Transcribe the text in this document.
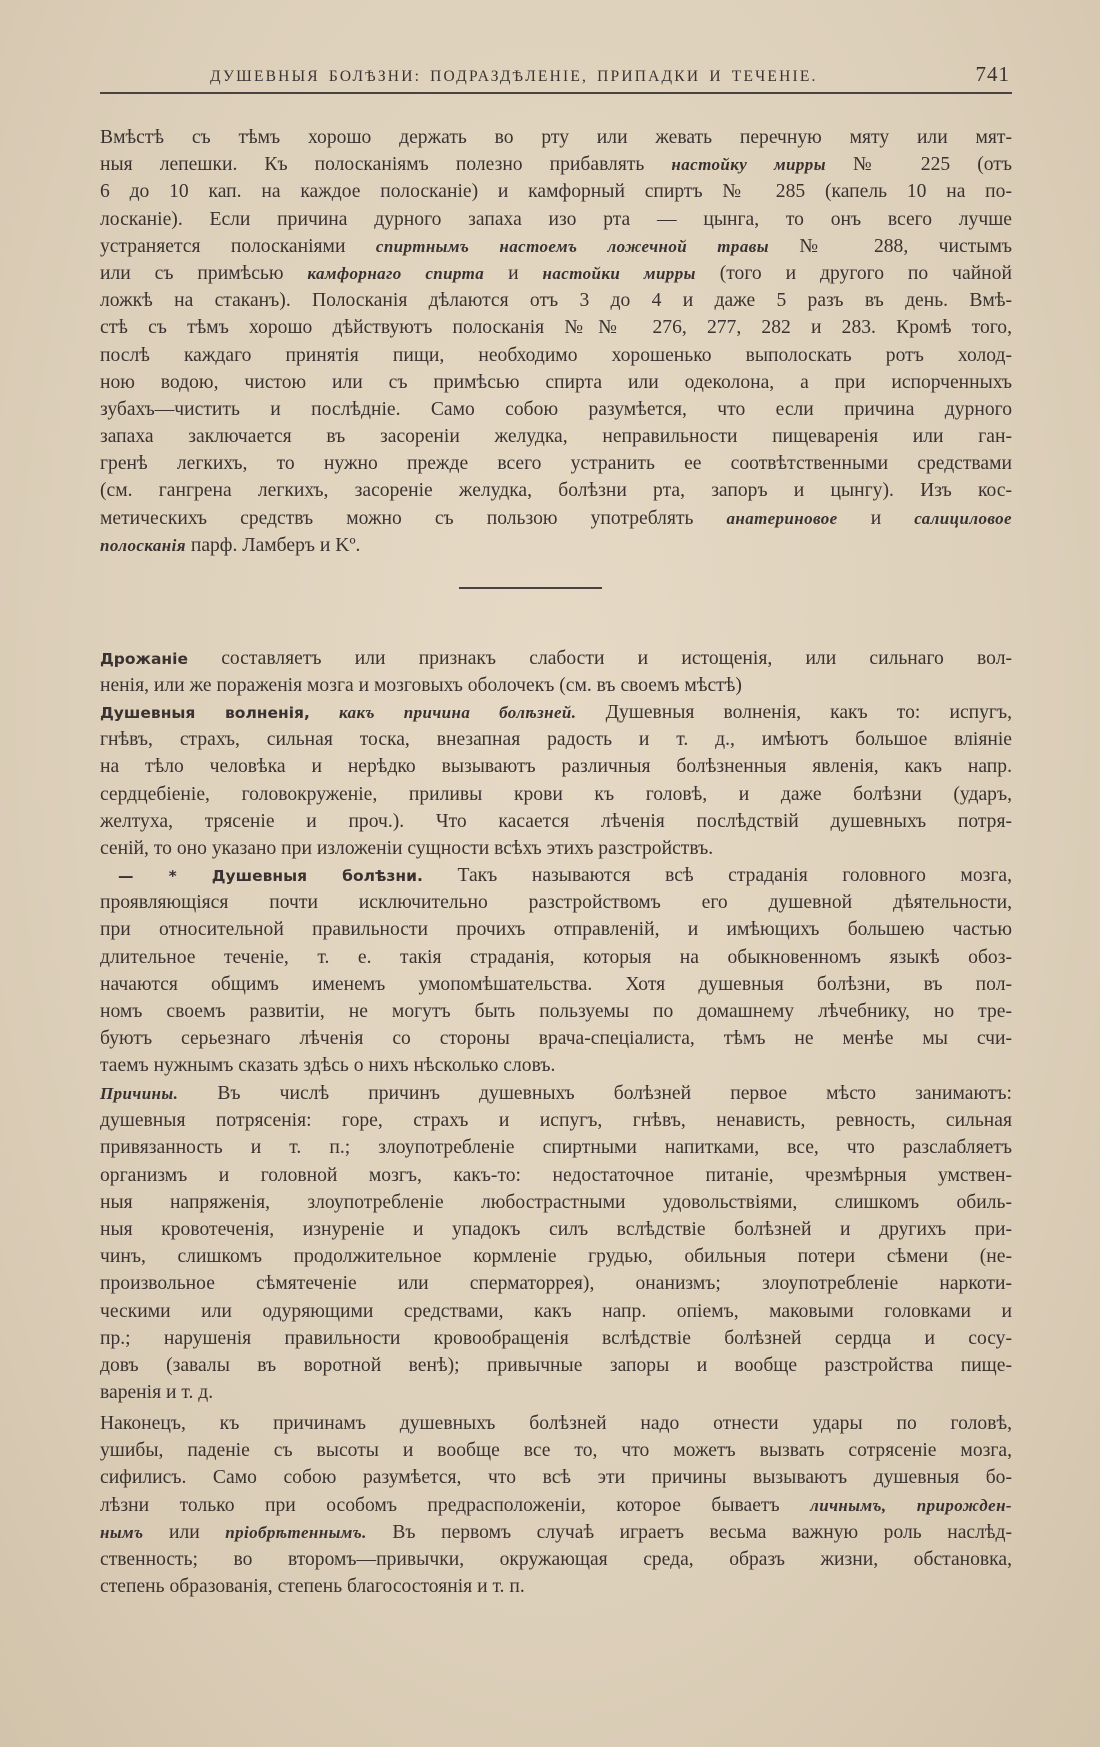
ДУШЕВНЫЯ БОЛѢЗНИ: ПОДРАЗДѢЛЕНІЕ, ПРИПАДКИ И ТЕЧЕНІЕ.	741
Вмѣстѣ съ тѣмъ хорошо держать во рту или жевать перечную мяту или мят-
ныя лепешки. Къ полосканіямъ полезно прибавлять настойку мирры № 225 (отъ
6 до 10 кап. на каждое полосканіе) и камфорный спиртъ № 285 (капель 10 на по-
лосканіе). Если причина дурного запаха изо рта — цынга, то онъ всего лучше
устраняется полосканіями спиртнымъ настоемъ ложечной травы № 288, чистымъ
или съ примѣсью камфорнаго спирта и настойки мирры (того и другого по чайной
ложкѣ на стаканъ). Полосканія дѣлаются отъ 3 до 4 и даже 5 разъ въ день. Вмѣ-
стѣ съ тѣмъ хорошо дѣйствуютъ полосканія №№ 276, 277, 282 и 283. Кромѣ того,
послѣ каждаго принятія пищи, необходимо хорошенько выполоскать ротъ холод-
ною водою, чистою или съ примѣсью спирта или одеколона, а при испорченныхъ
зубахъ—чистить и послѣдніе. Само собою разумѣется, что если причина дурного
запаха заключается въ засореніи желудка, неправильности пищеваренія или ган-
гренѣ легкихъ, то нужно прежде всего устранить ее соотвѣтственными средствами
(см. гангрена легкихъ, засореніе желудка, болѣзни рта, запоръ и цынгу). Изъ кос-
метическихъ средствъ можно съ пользою употреблять анатериновое и салициловое
полосканія парф. Ламберъ и Kº.
Дрожаніе составляетъ или признакъ слабости и истощенія, или сильнаго вол-
ненія, или же пораженія мозга и мозговыхъ оболочекъ (см. въ своемъ мѣстѣ)
Душевныя волненія, какъ причина болѣзней. Душевныя волненія, какъ то: испугъ,
гнѣвъ, страхъ, сильная тоска, внезапная радость и т. д., имѣютъ большое вліяніе
на тѣло человѣка и нерѣдко вызываютъ различныя болѣзненныя явленія, какъ напр.
сердцебіеніе, головокруженіе, приливы крови къ головѣ, и даже болѣзни (ударъ,
желтуха, трясеніе и проч.). Что касается лѣченія послѣдствій душевныхъ потря-
сеній, то оно указано при изложеніи сущности всѣхъ этихъ разстройствъ.
— * Душевныя болѣзни. Такъ называются всѣ страданія головного мозга,
проявляющіяся почти исключительно разстройствомъ его душевной дѣятельности,
при относительной правильности прочихъ отправленій, и имѣющихъ большею частью
длительное теченіе, т. е. такія страданія, которыя на обыкновенномъ языкѣ обоз-
начаются общимъ именемъ умопомѣшательства. Хотя душевныя болѣзни, въ пол-
номъ своемъ развитіи, не могутъ быть пользуемы по домашнему лѣчебнику, но тре-
буютъ серьезнаго лѣченія со стороны врача-спеціалиста, тѣмъ не менѣе мы счи-
таемъ нужнымъ сказать здѣсь о нихъ нѣсколько словъ.
Причины. Въ числѣ причинъ душевныхъ болѣзней первое мѣсто занимаютъ:
душевныя потрясенія: горе, страхъ и испугъ, гнѣвъ, ненависть, ревность, сильная
привязанность и т. п.; злоупотребленіе спиртными напитками, все, что разслабляетъ
организмъ и головной мозгъ, какъ-то: недостаточное питаніе, чрезмѣрныя умствен-
ныя напряженія, злоупотребленіе любострастными удовольствіями, слишкомъ обиль-
ныя кровотеченія, изнуреніе и упадокъ силъ вслѣдствіе болѣзней и другихъ при-
чинъ, слишкомъ продолжительное кормленіе грудью, обильныя потери сѣмени (не-
произвольное сѣмятеченіе или сперматоррея), онанизмъ; злоупотребленіе наркоти-
ческими или одуряющими средствами, какъ напр. опіемъ, маковыми головками и
пр.; нарушенія правильности кровообращенія вслѣдствіе болѣзней сердца и сосу-
довъ (завалы въ воротной венѣ); привычные запоры и вообще разстройства пище-
варенія и т. д.
Наконецъ, къ причинамъ душевныхъ болѣзней надо отнести удары по головѣ,
ушибы, паденіе съ высоты и вообще все то, что можетъ вызвать сотрясеніе мозга,
сифилисъ. Само собою разумѣется, что всѣ эти причины вызываютъ душевныя бо-
лѣзни только при особомъ предрасположеніи, которое бываетъ личнымъ, прирожден-
нымъ или пріобрѣтеннымъ. Въ первомъ случаѣ играетъ весьма важную роль наслѣд-
ственность; во второмъ—привычки, окружающая среда, образъ жизни, обстановка,
степень образованія, степень благосостоянія и т. п.
